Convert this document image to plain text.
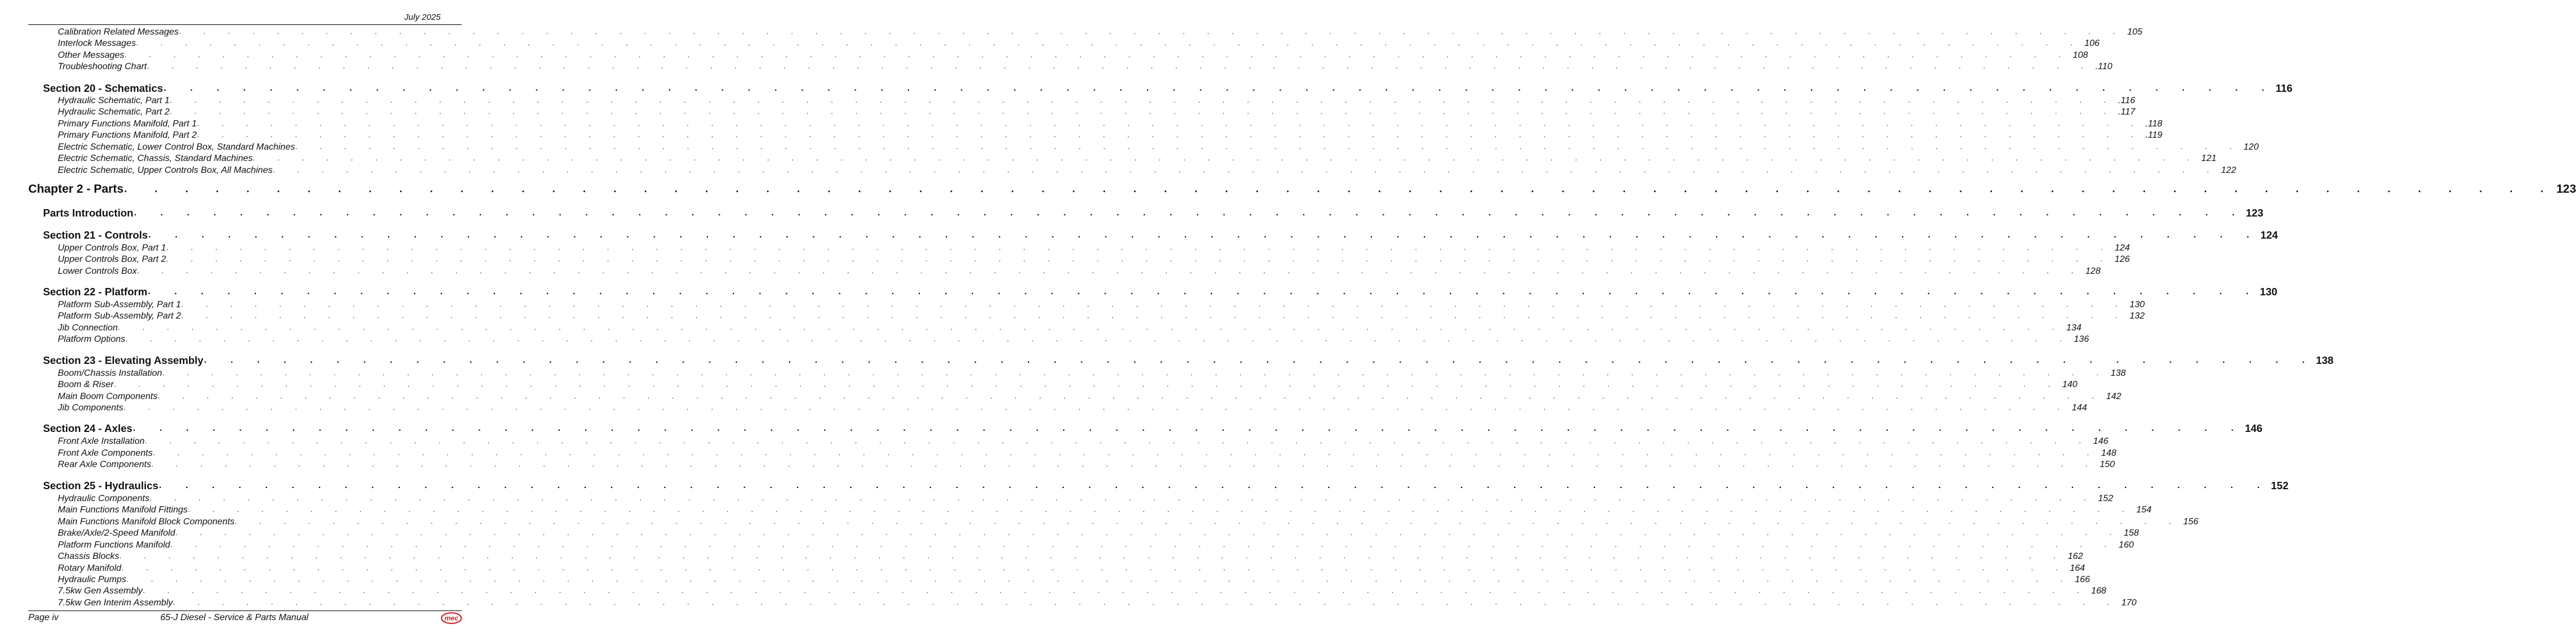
July 2025
Calibration Related Messages . . . . . . . . . . . . . . . . . . . . . . . . . . . . . . . . . . . . . . . . . . . . . . . . . . . . . . . . . . . . . . . . . . . . . . . . . . . . . . . . 105
Interlock Messages . . . . . . . . . . . . . . . . . . . . . . . . . . . . . . . . . . . . . . . . . . . . . . . . . . . . . . . . . . . . . . . . . . . . . . . . . . . . . . . . 106
Other Messages . . . . . . . . . . . . . . . . . . . . . . . . . . . . . . . . . . . . . . . . . . . . . . . . . . . . . . . . . . . . . . . . . . . . . . . . . . . . . . . . 108
Troubleshooting Chart . . . . . . . . . . . . . . . . . . . . . . . . . . . . . . . . . . . . . . . . . . . . . . . . . . . . . . . . . . . . . . . . . . . . . . . . . . . . . . . . .110
Section 20 - Schematics . . . . . . . . . . . . . . . . . . . . . . . . . . . . . . . . . . . . . . . . . . . . . . . . . . . . . . . . . . . . . . . . . . . . . . . . . . . . . . . . 116
Hydraulic Schematic, Part 1 . . . . . . . . . . . . . . . . . . . . . . . . . . . . . . . . . . . . . . . . . . . . . . . . . . . . . . . . . . . . . . . . . . . . . . . . . . . . . . . . .116
Hydraulic Schematic, Part 2 . . . . . . . . . . . . . . . . . . . . . . . . . . . . . . . . . . . . . . . . . . . . . . . . . . . . . . . . . . . . . . . . . . . . . . . . . . . . . . . . .117
Primary Functions Manifold, Part 1 . . . . . . . . . . . . . . . . . . . . . . . . . . . . . . . . . . . . . . . . . . . . . . . . . . . . . . . . . . . . . . . . . . . . . . . . . . . . . . . . .118
Primary Functions Manifold, Part 2 . . . . . . . . . . . . . . . . . . . . . . . . . . . . . . . . . . . . . . . . . . . . . . . . . . . . . . . . . . . . . . . . . . . . . . . . . . . . . . . . .119
Electric Schematic, Lower Control Box, Standard Machines . . . . . . . . . . . . . . . . . . . . . . . . . . . . . . . . . . . . . . . . . . . . . . . . . . . . . . . . . . . . . . . . . . . . . . . . . . . . . . . . 120
Electric Schematic, Chassis, Standard Machines . . . . . . . . . . . . . . . . . . . . . . . . . . . . . . . . . . . . . . . . . . . . . . . . . . . . . . . . . . . . . . . . . . . . . . . . . . . . . . . . 121
Electric Schematic, Upper Controls Box, All Machines . . . . . . . . . . . . . . . . . . . . . . . . . . . . . . . . . . . . . . . . . . . . . . . . . . . . . . . . . . . . . . . . . . . . . . . . . . . . . . . . 122
Chapter 2 - Parts . . . . . . . . . . . . . . . . . . . . . . . . . . . . . . . . . . . . . . . . . . . . . . . . . . . . . . . . . . . . . . . . . . . . . . . . . . . . . . . . 123
Parts Introduction . . . . . . . . . . . . . . . . . . . . . . . . . . . . . . . . . . . . . . . . . . . . . . . . . . . . . . . . . . . . . . . . . . . . . . . . . . . . . . . . 123
Section 21 - Controls . . . . . . . . . . . . . . . . . . . . . . . . . . . . . . . . . . . . . . . . . . . . . . . . . . . . . . . . . . . . . . . . . . . . . . . . . . . . . . . . 124
Upper Controls Box, Part 1 . . . . . . . . . . . . . . . . . . . . . . . . . . . . . . . . . . . . . . . . . . . . . . . . . . . . . . . . . . . . . . . . . . . . . . . . . . . . . . . . 124
Upper Controls Box, Part 2 . . . . . . . . . . . . . . . . . . . . . . . . . . . . . . . . . . . . . . . . . . . . . . . . . . . . . . . . . . . . . . . . . . . . . . . . . . . . . . . . 126
Lower Controls Box . . . . . . . . . . . . . . . . . . . . . . . . . . . . . . . . . . . . . . . . . . . . . . . . . . . . . . . . . . . . . . . . . . . . . . . . . . . . . . . . 128
Section 22 - Platform . . . . . . . . . . . . . . . . . . . . . . . . . . . . . . . . . . . . . . . . . . . . . . . . . . . . . . . . . . . . . . . . . . . . . . . . . . . . . . . . 130
Platform Sub-Assembly, Part 1 . . . . . . . . . . . . . . . . . . . . . . . . . . . . . . . . . . . . . . . . . . . . . . . . . . . . . . . . . . . . . . . . . . . . . . . . . . . . . . . . 130
Platform Sub-Assembly, Part 2 . . . . . . . . . . . . . . . . . . . . . . . . . . . . . . . . . . . . . . . . . . . . . . . . . . . . . . . . . . . . . . . . . . . . . . . . . . . . . . . . 132
Jib Connection . . . . . . . . . . . . . . . . . . . . . . . . . . . . . . . . . . . . . . . . . . . . . . . . . . . . . . . . . . . . . . . . . . . . . . . . . . . . . . . . 134
Platform Options . . . . . . . . . . . . . . . . . . . . . . . . . . . . . . . . . . . . . . . . . . . . . . . . . . . . . . . . . . . . . . . . . . . . . . . . . . . . . . . . 136
Section 23 - Elevating Assembly . . . . . . . . . . . . . . . . . . . . . . . . . . . . . . . . . . . . . . . . . . . . . . . . . . . . . . . . . . . . . . . . . . . . . . . . . . . . . . . . 138
Boom/Chassis Installation . . . . . . . . . . . . . . . . . . . . . . . . . . . . . . . . . . . . . . . . . . . . . . . . . . . . . . . . . . . . . . . . . . . . . . . . . . . . . . . . 138
Boom & Riser . . . . . . . . . . . . . . . . . . . . . . . . . . . . . . . . . . . . . . . . . . . . . . . . . . . . . . . . . . . . . . . . . . . . . . . . . . . . . . . . 140
Main Boom Components . . . . . . . . . . . . . . . . . . . . . . . . . . . . . . . . . . . . . . . . . . . . . . . . . . . . . . . . . . . . . . . . . . . . . . . . . . . . . . . . 142
Jib Components . . . . . . . . . . . . . . . . . . . . . . . . . . . . . . . . . . . . . . . . . . . . . . . . . . . . . . . . . . . . . . . . . . . . . . . . . . . . . . . . 144
Section 24 - Axles . . . . . . . . . . . . . . . . . . . . . . . . . . . . . . . . . . . . . . . . . . . . . . . . . . . . . . . . . . . . . . . . . . . . . . . . . . . . . . . . 146
Front Axle Installation . . . . . . . . . . . . . . . . . . . . . . . . . . . . . . . . . . . . . . . . . . . . . . . . . . . . . . . . . . . . . . . . . . . . . . . . . . . . . . . . 146
Front Axle Components . . . . . . . . . . . . . . . . . . . . . . . . . . . . . . . . . . . . . . . . . . . . . . . . . . . . . . . . . . . . . . . . . . . . . . . . . . . . . . . . 148
Rear Axle Components . . . . . . . . . . . . . . . . . . . . . . . . . . . . . . . . . . . . . . . . . . . . . . . . . . . . . . . . . . . . . . . . . . . . . . . . . . . . . . . . 150
Section 25 - Hydraulics . . . . . . . . . . . . . . . . . . . . . . . . . . . . . . . . . . . . . . . . . . . . . . . . . . . . . . . . . . . . . . . . . . . . . . . . . . . . . . . . 152
Hydraulic Components . . . . . . . . . . . . . . . . . . . . . . . . . . . . . . . . . . . . . . . . . . . . . . . . . . . . . . . . . . . . . . . . . . . . . . . . . . . . . . . . 152
Main Functions Manifold Fittings . . . . . . . . . . . . . . . . . . . . . . . . . . . . . . . . . . . . . . . . . . . . . . . . . . . . . . . . . . . . . . . . . . . . . . . . . . . . . . . . 154
Main Functions Manifold Block Components . . . . . . . . . . . . . . . . . . . . . . . . . . . . . . . . . . . . . . . . . . . . . . . . . . . . . . . . . . . . . . . . . . . . . . . . . . . . . . . . 156
Brake/Axle/2-Speed Manifold . . . . . . . . . . . . . . . . . . . . . . . . . . . . . . . . . . . . . . . . . . . . . . . . . . . . . . . . . . . . . . . . . . . . . . . . . . . . . . . . 158
Platform Functions Manifold . . . . . . . . . . . . . . . . . . . . . . . . . . . . . . . . . . . . . . . . . . . . . . . . . . . . . . . . . . . . . . . . . . . . . . . . . . . . . . . . 160
Chassis Blocks . . . . . . . . . . . . . . . . . . . . . . . . . . . . . . . . . . . . . . . . . . . . . . . . . . . . . . . . . . . . . . . . . . . . . . . . . . . . . . . . 162
Rotary Manifold . . . . . . . . . . . . . . . . . . . . . . . . . . . . . . . . . . . . . . . . . . . . . . . . . . . . . . . . . . . . . . . . . . . . . . . . . . . . . . . . 164
Hydraulic Pumps . . . . . . . . . . . . . . . . . . . . . . . . . . . . . . . . . . . . . . . . . . . . . . . . . . . . . . . . . . . . . . . . . . . . . . . . . . . . . . . . 166
7.5kw Gen Assembly . . . . . . . . . . . . . . . . . . . . . . . . . . . . . . . . . . . . . . . . . . . . . . . . . . . . . . . . . . . . . . . . . . . . . . . . . . . . . . . . 168
7.5kw Gen Interim Assembly . . . . . . . . . . . . . . . . . . . . . . . . . . . . . . . . . . . . . . . . . . . . . . . . . . . . . . . . . . . . . . . . . . . . . . . . . . . . . . . . 170
Page iv	65-J Diesel - Service & Parts Manual	mec
